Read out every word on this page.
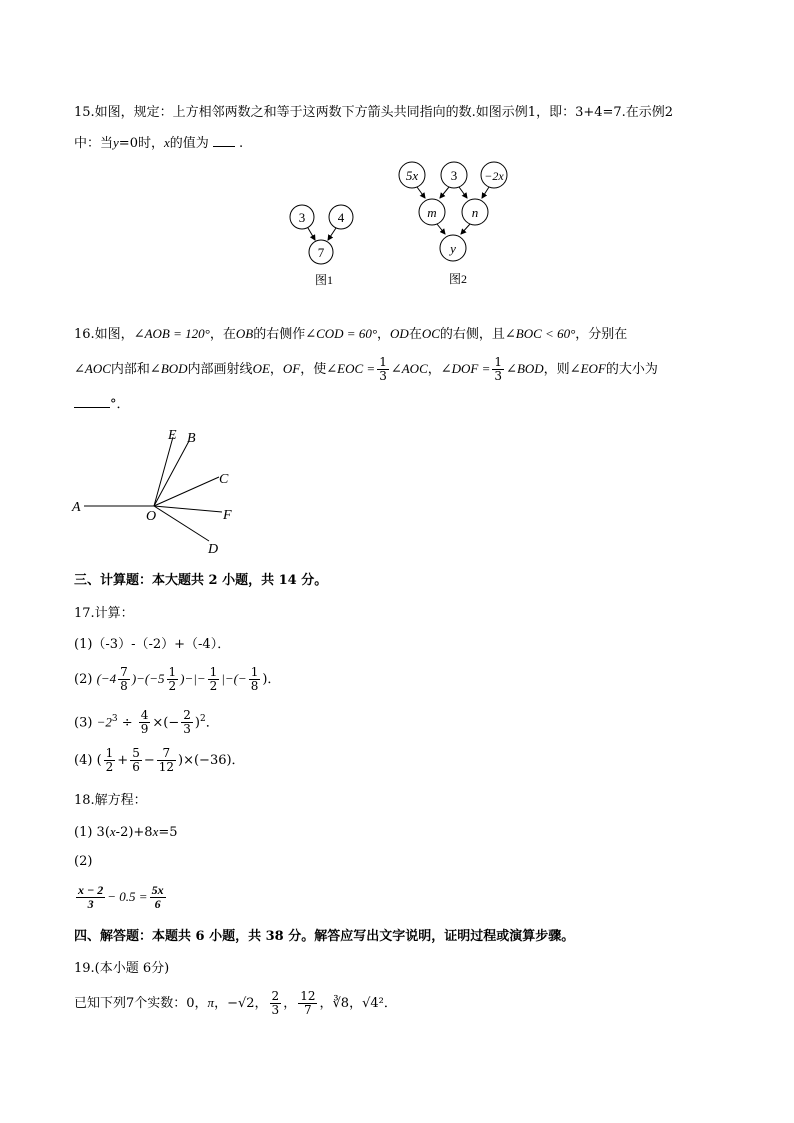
15.如图，规定：上方相邻两数之和等于这两数下方箭头共同指向的数.如图示例1，即：3+4=7.在示例2
中：当y=0时，x的值为 .
3	4
7
图1
5x	3 −2x
m	n
y
图2
16.如图，∠AOB = 120°，在OB的右侧作∠COD = 60°，OD在OC的右侧，且∠BOC < 60°，分别在
∠AOC内部和∠BOD内部画射线OE，OF，使∠EOC = $\frac{1}{3}$ ∠AOC，∠DOF = $\frac{1}{3}$ ∠BOD，则∠EOF的大小为
°．
E B
C
A
O	F
D
三、计算题：本大题共 2 小题，共 14 分。
17.计算：
(1)（-3）-（-2）+（-4）．
(2) $(-4 \frac{7}{8} )-(-5 \frac{1}{2}$ )−|− $\frac{1}{2}$ |−(− $\frac{1}{8}$ )．
$(3) -2^3 \div \frac{4}{9}$ ×(− $\frac{2}{3} )^2$．
(4) ( $\frac{1}{2} + \frac{5}{6} - \frac{7}{12} )\times(-36)$．
18.解方程：
(1) 3(x-2)+8x=5
(2)
$\frac{x - 2}{3} - 0.5 = \frac{5x}{6}$
四、解答题：本题共 6 小题，共 38 分。解答应写出文字说明，证明过程或演算步骤。
19.(本小题 6分)
已知下列7个实数：0，π，−√2， $\frac{2}{3}$ ， $\frac{12}{7}$ ，∛8，√4²．
